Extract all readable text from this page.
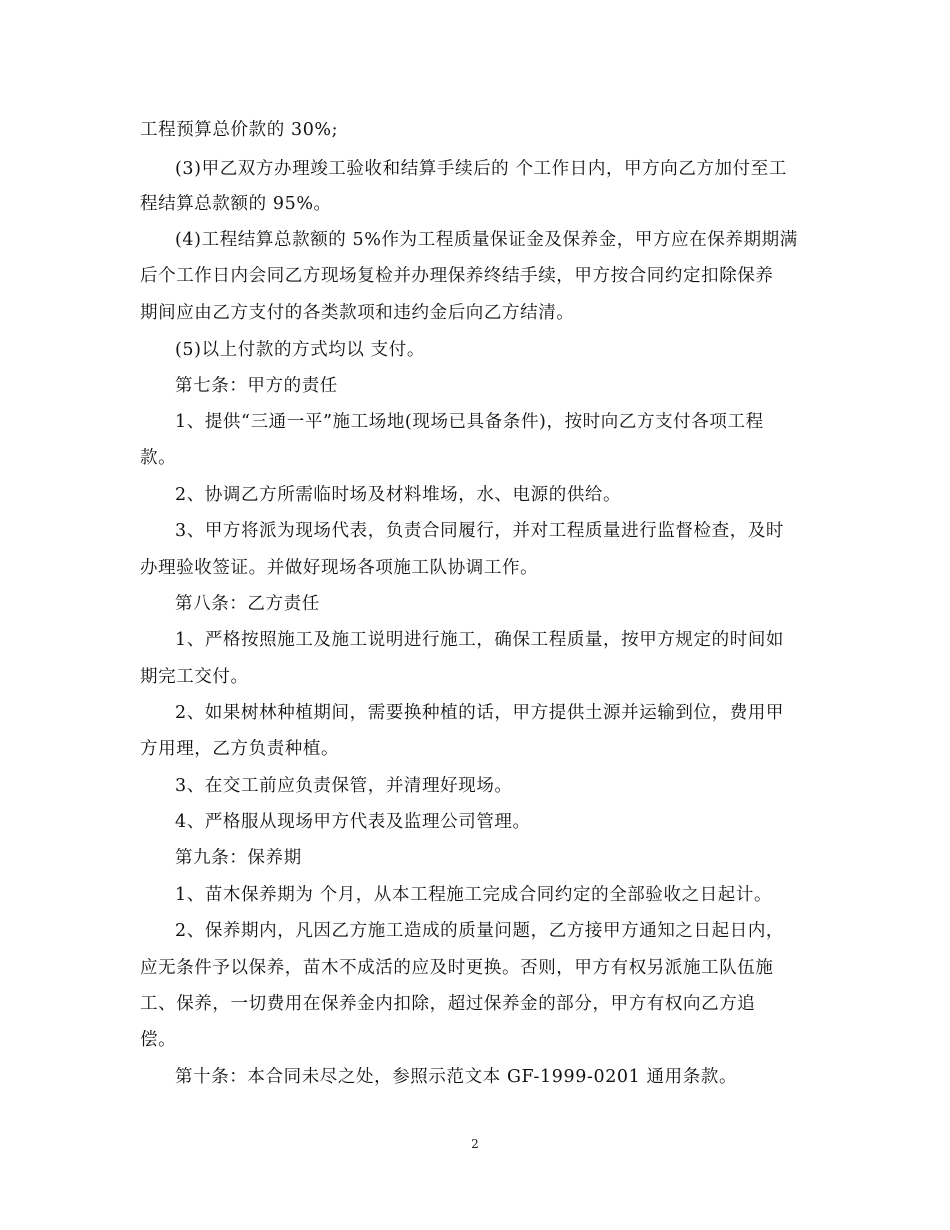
工程预算总价款的 30%;
(3)甲乙双方办理竣工验收和结算手续后的 个工作日内，甲方向乙方加付至工
程结算总款额的 95%。
(4)工程结算总款额的 5%作为工程质量保证金及保养金，甲方应在保养期期满
后个工作日内会同乙方现场复检并办理保养终结手续，甲方按合同约定扣除保养
期间应由乙方支付的各类款项和违约金后向乙方结清。
(5)以上付款的方式均以 支付。
第七条：甲方的责任
1、提供“三通一平”施工场地(现场已具备条件)，按时向乙方支付各项工程
款。
2、协调乙方所需临时场及材料堆场，水、电源的供给。
3、甲方将派为现场代表，负责合同履行，并对工程质量进行监督检查，及时
办理验收签证。并做好现场各项施工队协调工作。
第八条：乙方责任
1、严格按照施工及施工说明进行施工，确保工程质量，按甲方规定的时间如
期完工交付。
2、如果树林种植期间，需要换种植的话，甲方提供土源并运输到位，费用甲
方用理，乙方负责种植。
3、在交工前应负责保管，并清理好现场。
4、严格服从现场甲方代表及监理公司管理。
第九条：保养期
1、苗木保养期为 个月，从本工程施工完成合同约定的全部验收之日起计。
2、保养期内，凡因乙方施工造成的质量问题，乙方接甲方通知之日起日内，
应无条件予以保养，苗木不成活的应及时更换。否则，甲方有权另派施工队伍施
工、保养，一切费用在保养金内扣除，超过保养金的部分，甲方有权向乙方追
偿。
第十条：本合同未尽之处，参照示范文本 GF-1999-0201 通用条款。
2
